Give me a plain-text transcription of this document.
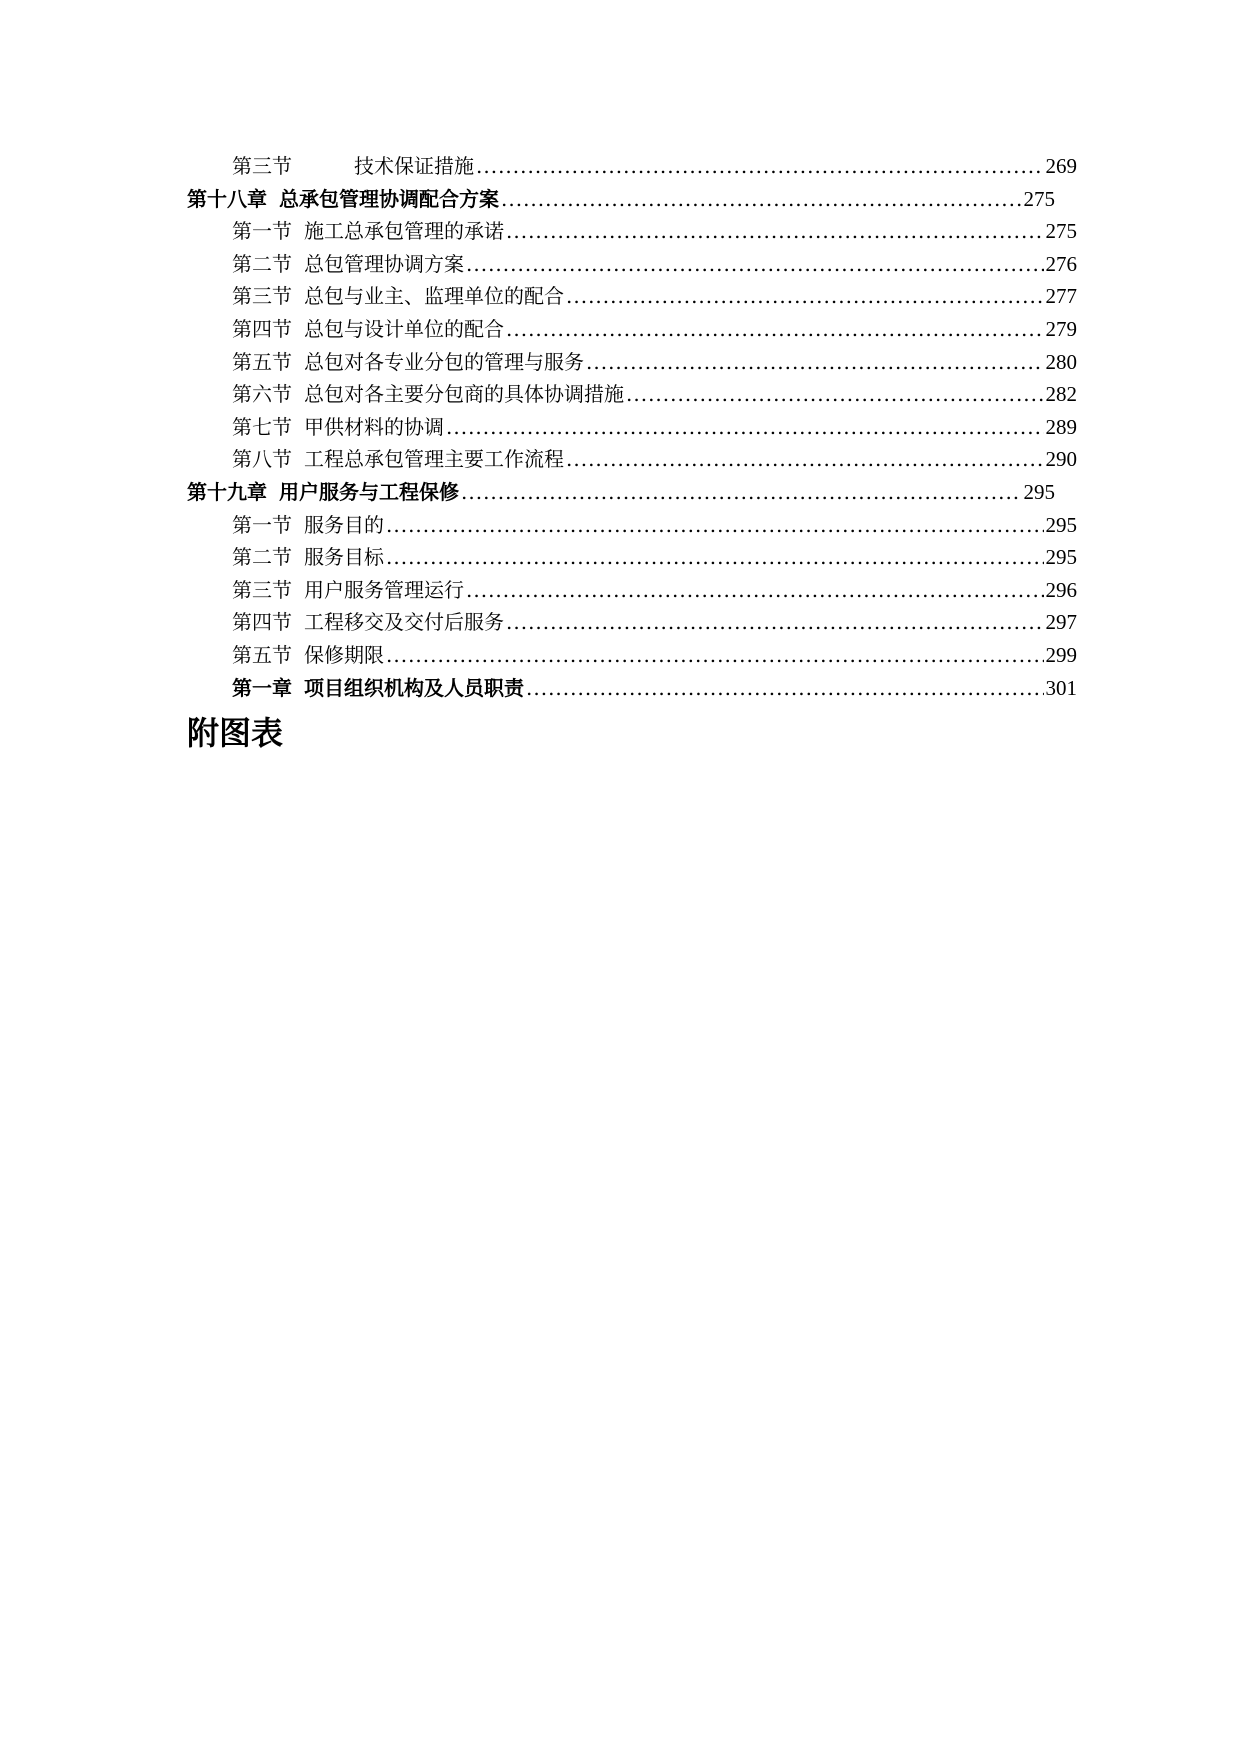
第三节	技术保证措施 .....	269
第十八章 总承包管理协调配合方案 .....	275
第一节 施工总承包管理的承诺 .....	275
第二节 总包管理协调方案 .....	276
第三节 总包与业主、监理单位的配合 .....	277
第四节 总包与设计单位的配合 .....	279
第五节 总包对各专业分包的管理与服务 .....	280
第六节 总包对各主要分包商的具体协调措施 .....	282
第七节 甲供材料的协调 .....	289
第八节 工程总承包管理主要工作流程 .....	290
第十九章 用户服务与工程保修 .....	295
第一节 服务目的 .....	295
第二节 服务目标 .....	295
第三节 用户服务管理运行 .....	296
第四节 工程移交及交付后服务 .....	297
第五节 保修期限 .....	299
第一章 项目组织机构及人员职责 .....	301
附图表
